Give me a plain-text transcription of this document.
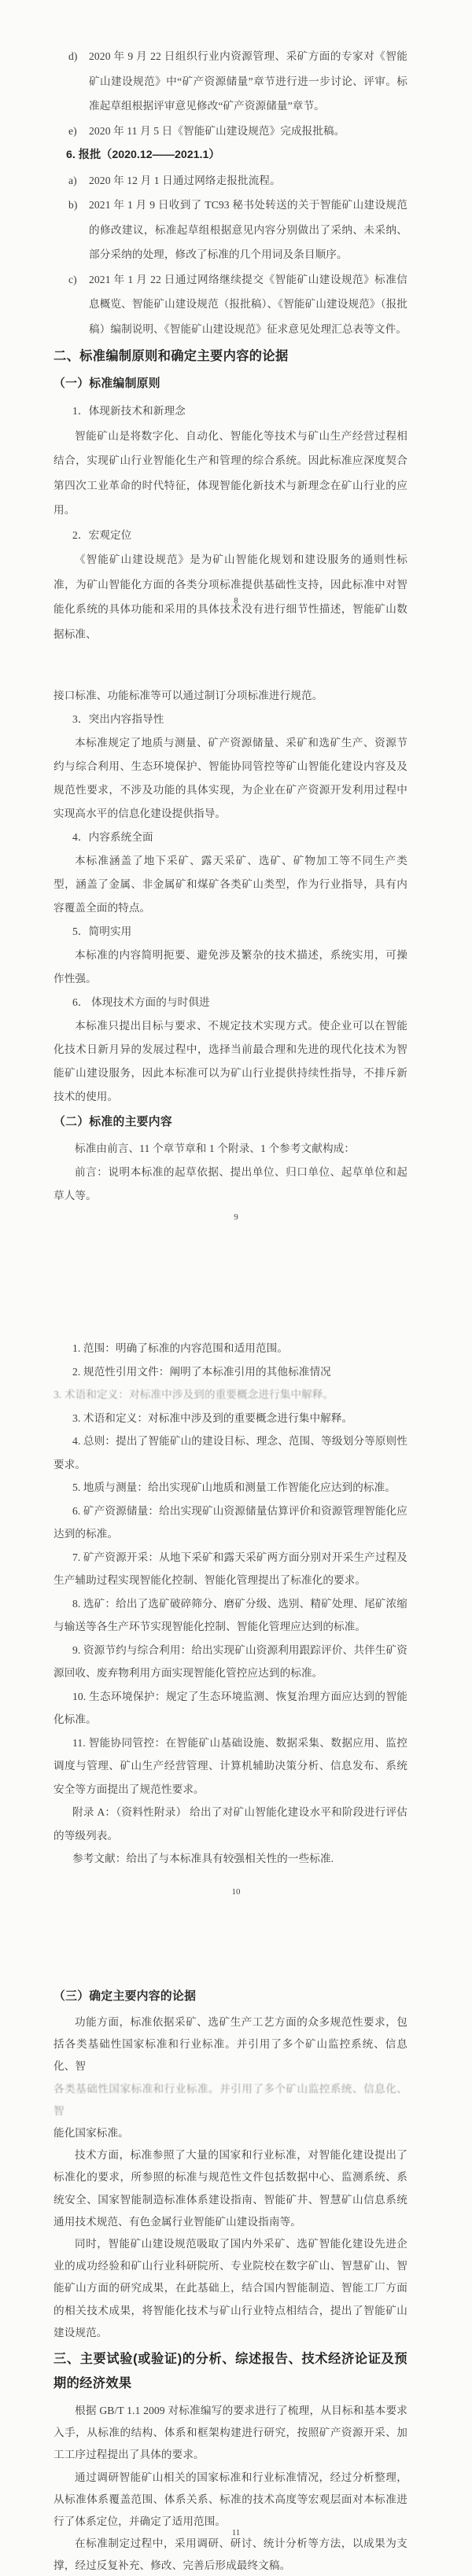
d) 2020 年 9 月 22 日组织行业内资源管理、采矿方面的专家对《智能矿山建设规范》中“矿产资源储量”章节进行进一步讨论、评审。标准起草组根据评审意见修改“矿产资源储量”章节。
e) 2020 年 11 月 5 日《智能矿山建设规范》完成报批稿。
6. 报批（2020.12——2021.1）
a) 2020 年 12 月 1 日通过网络走报批流程。
b) 2021 年 1 月 9 日收到了 TC93 秘书处转送的关于智能矿山建设规范的修改建议，标准起草组根据意见内容分别做出了采纳、未采纳、部分采纳的处理，修改了标准的几个用词及条目顺序。
c) 2021 年 1 月 22 日通过网络继续提交《智能矿山建设规范》标准信息概览、智能矿山建设规范（报批稿）、《智能矿山建设规范》（报批稿）编制说明、《智能矿山建设规范》征求意见处理汇总表等文件。
二、标准编制原则和确定主要内容的论据
（一）标准编制原则
1．体现新技术和新理念
智能矿山是将数字化、自动化、智能化等技术与矿山生产经营过程相结合，实现矿山行业智能化生产和管理的综合系统。因此标准应深度契合第四次工业革命的时代特征，体现智能化新技术与新理念在矿山行业的应用。
2．宏观定位
《智能矿山建设规范》是为矿山智能化规划和建设服务的通则性标准，为矿山智能化方面的各类分项标准提供基础性支持，因此标准中对智能化系统的具体功能和采用的具体技术没有进行细节性描述，智能矿山数据标准、
接口标准、功能标准等可以通过制订分项标准进行规范。
3．突出内容指导性
本标准规定了地质与测量、矿产资源储量、采矿和选矿生产、资源节约与综合利用、生态环境保护、智能协同管控等矿山智能化建设内容及及规范性要求，不涉及功能的具体实现，为企业在矿产资源开发利用过程中实现高水平的信息化建设提供指导。
4．内容系统全面
本标准涵盖了地下采矿、露天采矿、选矿、矿物加工等不同生产类型，涵盖了金属、非金属矿和煤矿各类矿山类型，作为行业指导，具有内容覆盖全面的特点。
5．简明实用
本标准的内容简明扼要、避免涉及繁杂的技术描述，系统实用，可操作性强。
6． 体现技术方面的与时俱进
本标准只提出目标与要求、不规定技术实现方式。使企业可以在智能化技术日新月异的发展过程中，选择当前最合理和先进的现代化技术为智能矿山建设服务，因此本标准可以为矿山行业提供持续性指导，不排斥新技术的使用。
（二）标准的主要内容
标准由前言、11 个章节章和 1 个附录、1 个参考文献构成：
前言：说明本标准的起草依据、提出单位、归口单位、起草单位和起草人等。
1. 范围：明确了标准的内容范围和适用范围。
2. 规范性引用文件：阐明了本标准引用的其他标准情况
3. 术语和定义：对标准中涉及到的重要概念进行集中解释。
3. 术语和定义：对标准中涉及到的重要概念进行集中解释。
4. 总则：提出了智能矿山的建设目标、理念、范围、等级划分等原则性要求。
5. 地质与测量：给出实现矿山地质和测量工作智能化应达到的标准。
6. 矿产资源储量：给出实现矿山资源储量估算评价和资源管理智能化应达到的标准。
7. 矿产资源开采：从地下采矿和露天采矿两方面分别对开采生产过程及生产辅助过程实现智能化控制、智能化管理提出了标准化的要求。
8. 选矿：给出了选矿破碎筛分、磨矿分级、选别、精矿处理、尾矿浓缩与输送等各生产环节实现智能化控制、智能化管理应达到的标准。
9. 资源节约与综合利用：给出实现矿山资源利用跟踪评价、共伴生矿资源回收、废弃物利用方面实现智能化管控应达到的标准。
10. 生态环境保护：规定了生态环境监测、恢复治理方面应达到的智能化标准。
11. 智能协同管控：在智能矿山基础设施、数据采集、数据应用、监控调度与管理、矿山生产经营管理、计算机辅助决策分析、信息发布、系统安全等方面提出了规范性要求。
附录 A：（资料性附录） 给出了对矿山智能化建设水平和阶段进行评估的等级列表。
参考文献：给出了与本标准具有较强相关性的一些标准.
（三）确定主要内容的论据
功能方面，标准依据采矿、选矿生产工艺方面的众多规范性要求，包括各类基础性国家标准和行业标准。并引用了多个矿山监控系统、信息化、智
各类基础性国家标准和行业标准。并引用了多个矿山监控系统、信息化、智
能化国家标准。
技术方面，标准参照了大量的国家和行业标准，对智能化建设提出了标准化的要求，所参照的标准与规范性文件包括数据中心、监测系统、系统安全、国家智能制造标准体系建设指南、智能矿井、智慧矿山信息系统通用技术规范、有色金属行业智能矿山建设指南等。
同时，智能矿山建设规范吸取了国内外采矿、选矿智能化建设先进企业的成功经验和矿山行业科研院所、专业院校在数字矿山、智慧矿山、智能矿山方面的研究成果，在此基础上，结合国内智能制造、智能工厂方面的相关技术成果，将智能化技术与矿山行业特点相结合，提出了智能矿山建设规范。
三、主要试验(或验证)的分析、综述报告、技术经济论证及预期的经济效果
根据 GB/T 1.1 2009 对标准编写的要求进行了梳理，从目标和基本要求入手，从标准的结构、体系和框架构建进行研究，按照矿产资源开采、加工工序过程提出了具体的要求。
通过调研智能矿山相关的国家标准和行业标准情况，经过分析整理，从标准体系覆盖范围、体系关系、标准的技术高度等宏观层面对本标准进行了体系定位，并确定了适用范围。
在标准制定过程中，采用调研、研讨、统计分析等方法，以成果为支撑，经过反复补充、修改、完善后形成最终文稿。
8
9
10
11
